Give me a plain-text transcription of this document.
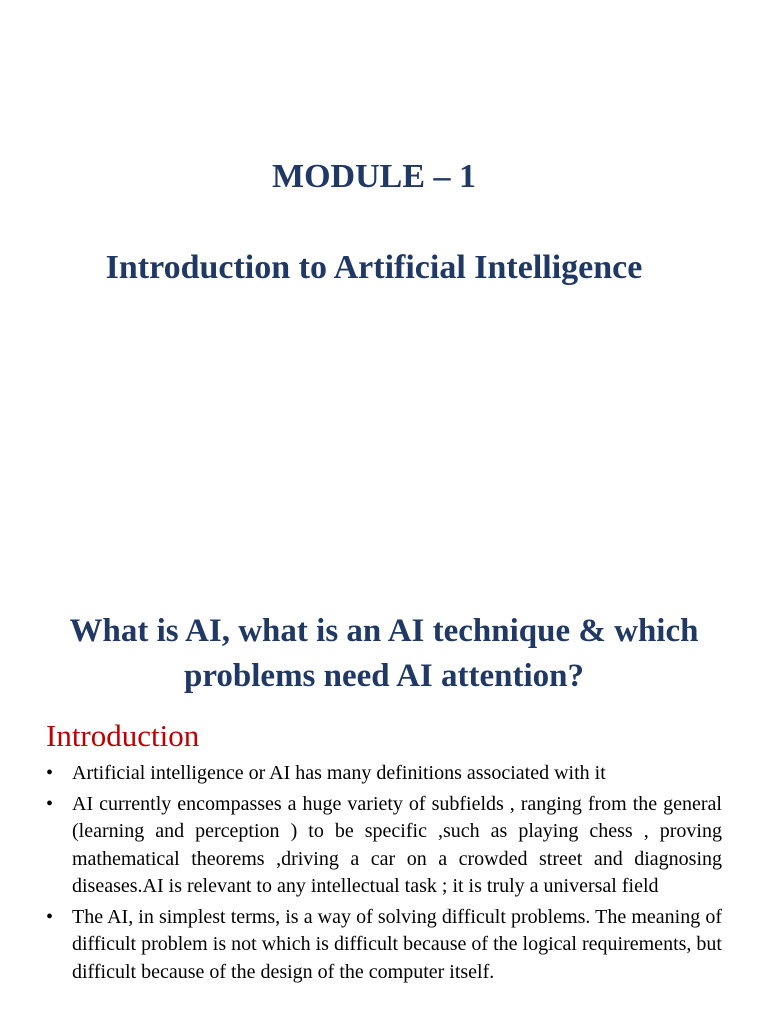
MODULE – 1
Introduction to Artificial Intelligence
What is AI, what is an AI technique & which problems need AI attention?
Introduction
• Artificial intelligence or AI has many definitions associated with it
• AI currently encompasses a huge variety of subfields , ranging from the general (learning and perception ) to be specific ,such as playing chess , proving mathematical theorems ,driving a car on a crowded street and diagnosing diseases.AI is relevant to any intellectual task ; it is truly a universal field
• The AI, in simplest terms, is a way of solving difficult problems. The meaning of difficult problem is not which is difficult because of the logical requirements, but difficult because of the design of the computer itself.
